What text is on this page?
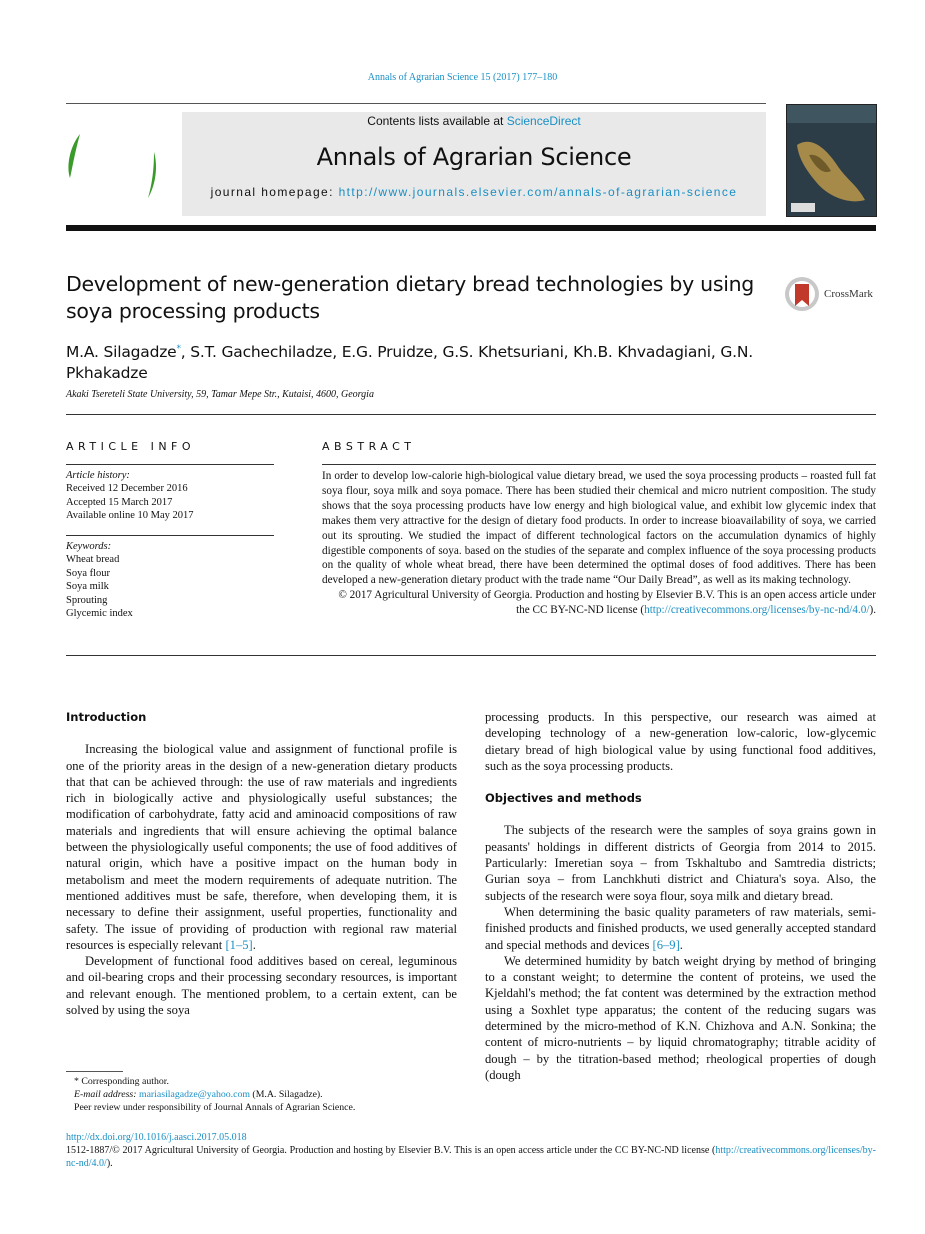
Annals of Agrarian Science 15 (2017) 177–180
Contents lists available at ScienceDirect
Annals of Agrarian Science
journal homepage: http://www.journals.elsevier.com/annals-of-agrarian-science
Development of new-generation dietary bread technologies by using soya processing products
CrossMark
M.A. Silagadze*, S.T. Gachechiladze, E.G. Pruidze, G.S. Khetsuriani, Kh.B. Khvadagiani, G.N. Pkhakadze
Akaki Tsereteli State University, 59, Tamar Mepe Str., Kutaisi, 4600, Georgia
ARTICLE INFO
Article history:
Received 12 December 2016
Accepted 15 March 2017
Available online 10 May 2017
Keywords:
Wheat bread
Soya flour
Soya milk
Sprouting
Glycemic index
ABSTRACT

In order to develop low-calorie high-biological value dietary bread, we used the soya processing products – roasted full fat soya flour, soya milk and soya pomace. There has been studied their chemical and micro nutrient composition. The study shows that the soya processing products have low energy and high biological value, and exhibit low glycemic index that makes them very attractive for the design of dietary food products. In order to increase bioavailability of soya, we carried out its sprouting. We studied the impact of different technological factors on the accumulation dynamics of highly digestible components of soya. based on the studies of the separate and complex influence of the soya processing products on the quality of whole wheat bread, there have been determined the optimal doses of food additives. There has been developed a new-generation dietary product with the trade name “Our Daily Bread”, as well as its making technology.

© 2017 Agricultural University of Georgia. Production and hosting by Elsevier B.V. This is an open access article under the CC BY-NC-ND license (http://creativecommons.org/licenses/by-nc-nd/4.0/).

Introduction

Increasing the biological value and assignment of functional profile is one of the priority areas in the design of a new-generation dietary products that that can be achieved through: the use of raw materials and ingredients rich in biologically active and physiologically useful substances; the modification of carbohydrate, fatty acid and aminoacid compositions of raw materials and ingredients that will ensure achieving the optimal balance between the physiologically useful components; the use of food additives of natural origin, which have a positive impact on the human body in metabolism and meet the modern requirements of adequate nutrition. The mentioned additives must be safe, therefore, when developing them, it is necessary to define their assignment, useful properties, functionality and safety. The issue of providing of production with regional raw material resources is especially relevant [1–5].

Development of functional food additives based on cereal, leguminous and oil-bearing crops and their processing secondary resources, is important and relevant enough. The mentioned problem, to a certain extent, can be solved by using the soya

processing products. In this perspective, our research was aimed at developing technology of a new-generation low-caloric, low-glycemic dietary bread of high biological value by using functional food additives, such as the soya processing products.

Objectives and methods

The subjects of the research were the samples of soya grains gown in peasants' holdings in different districts of Georgia from 2014 to 2015. Particularly: Imeretian soya – from Tskhaltubo and Samtredia districts; Gurian soya – from Lanchkhuti district and Chiatura's soya. Also, the subjects of the research were soya flour, soya milk and dietary bread.

When determining the basic quality parameters of raw materials, semi-finished products and finished products, we used generally accepted standard and special methods and devices [6–9].

We determined humidity by batch weight drying by method of bringing to a constant weight; to determine the content of proteins, we used the Kjeldahl's method; the fat content was determined by the extraction method using a Soxhlet type apparatus; the content of the reducing sugars was determined by the micro-method of K.N. Chizhova and A.N. Sonkina; the content of micro-nutrients – by liquid chromatography; titrable acidity of dough – by the titration-based method; rheological properties of dough (dough

* Corresponding author.
E-mail address: mariasilagadze@yahoo.com (M.A. Silagadze).
Peer review under responsibility of Journal Annals of Agrarian Science.
http://dx.doi.org/10.1016/j.aasci.2017.05.018
1512-1887/© 2017 Agricultural University of Georgia. Production and hosting by Elsevier B.V. This is an open access article under the CC BY-NC-ND license (http://creativecommons.org/licenses/by-nc-nd/4.0/).
